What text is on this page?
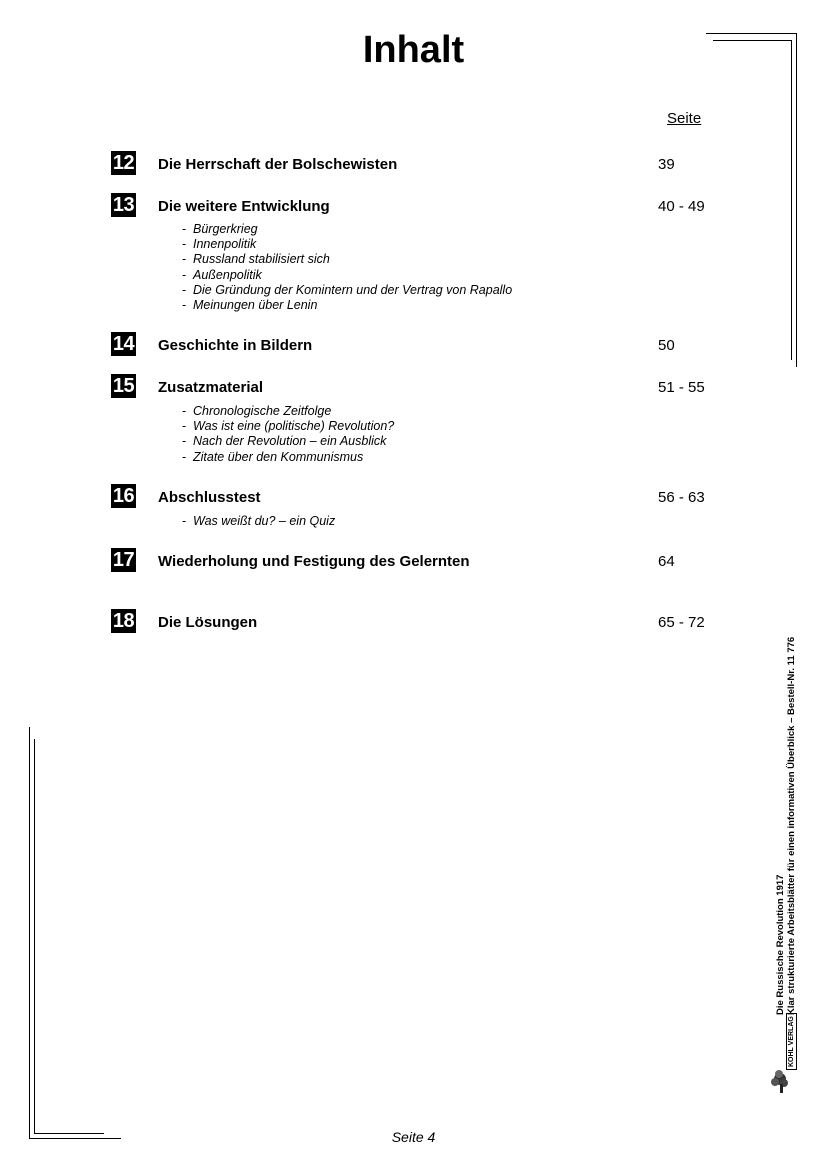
Inhalt
Seite
12 Die Herrschaft der Bolschewisten	39
13 Die weitere Entwicklung	40 - 49
- Bürgerkrieg
- Innenpolitik
- Russland stabilisiert sich
- Außenpolitik
- Die Gründung der Komintern und der Vertrag von Rapallo
- Meinungen über Lenin
14 Geschichte in Bildern	50
15 Zusatzmaterial	51 - 55
- Chronologische Zeitfolge
- Was ist eine (politische) Revolution?
- Nach der Revolution – ein Ausblick
- Zitate über den Kommunismus
16 Abschlusstest	56 - 63
- Was weißt du? – ein Quiz
17 Wiederholung und Festigung des Gelernten	64
18 Die Lösungen	65 - 72
Die Russische Revolution 1917 Klar strukturierte Arbeitsblätter für einen informativen Überblick – Bestell-Nr. 11 776
KOHL VERLAG
Seite 4
